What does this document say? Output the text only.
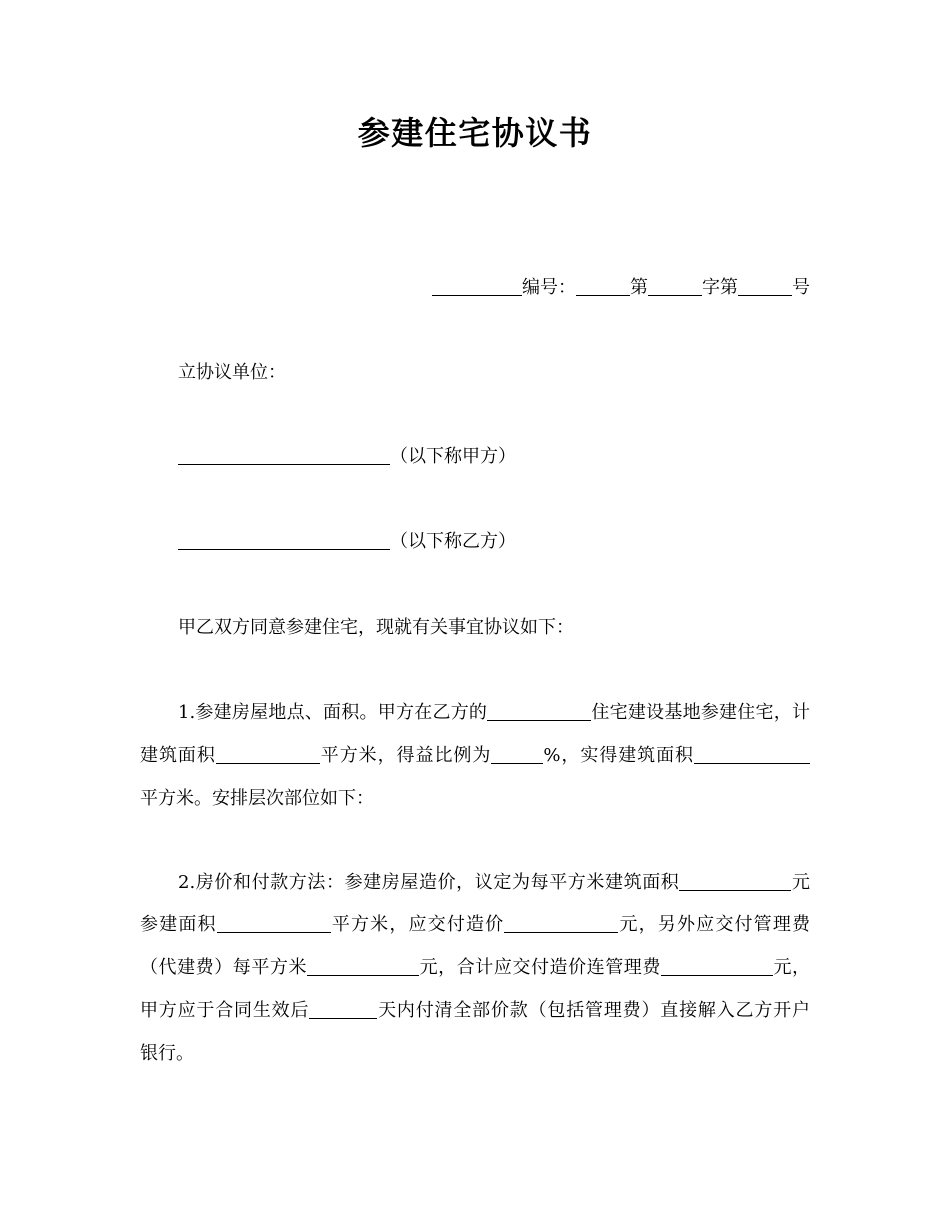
参建住宅协议书
编号：	第	字第	号
立协议单位：
（以下称甲方）
（以下称乙方）
甲乙双方同意参建住宅，现就有关事宜协议如下：
1.参建房屋地点、面积。甲方在乙方的	住宅建设基地参建住宅，计
建筑面积	平方米，得益比例为	%，实得建筑面积
平方米。安排层次部位如下：
2.房价和付款方法：参建房屋造价，议定为每平方米建筑面积	元
参建面积	平方米，应交付造价	元，另外应交付管理费
（代建费）每平方米	元，合计应交付造价连管理费	元，
甲方应于合同生效后	天内付清全部价款（包括管理费）直接解入乙方开户
银行。
